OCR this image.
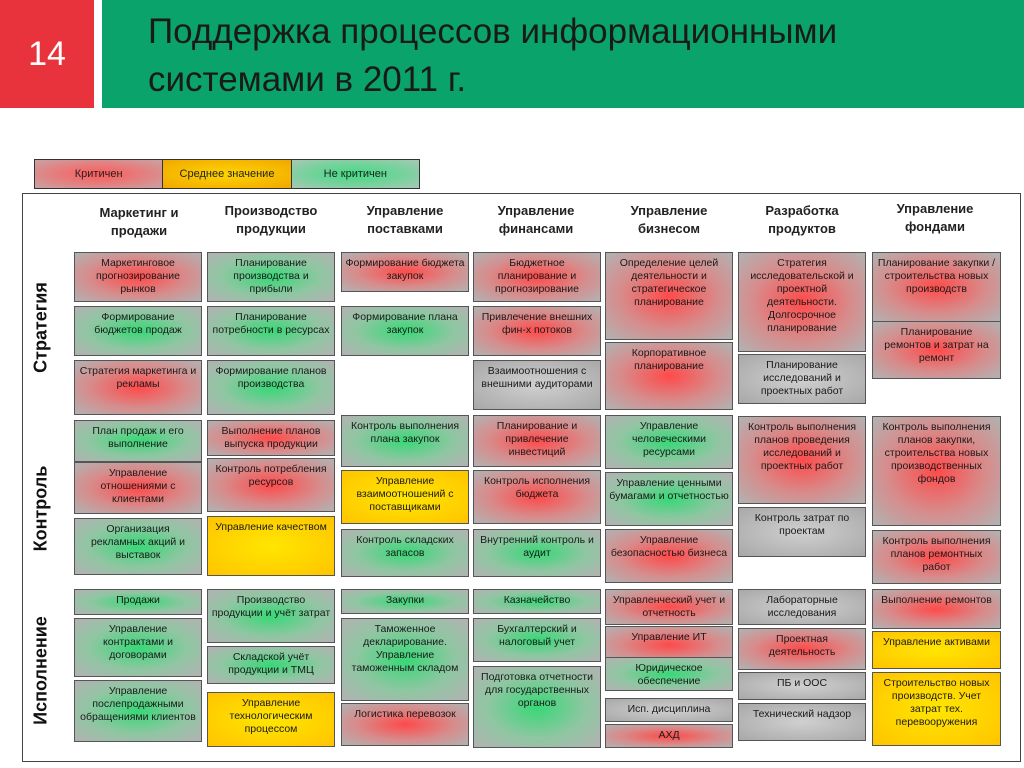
14
Поддержка процессов информационными системами в 2011 г.
Критичен	Среднее значение	Не критичен
Маркетинг и продажи
Производство продукции
Управление поставками
Управление финансами
Управление бизнесом
Разработка продуктов
Управление фондами
Стратегия
Контроль
Исполнение
Маркетинговое прогнозирование рынков
Формирование бюджетов продаж
Стратегия маркетинга и рекламы
План продаж и его выполнение
Управление отношениями с клиентами
Организация рекламных акций и выставок
Продажи
Управление контрактами и договорами
Управление послепродажными обращениями клиентов
Планирование производства и прибыли
Планирование потребности в ресурсах
Формирование планов производства
Выполнение планов выпуска продукции
Контроль потребления ресурсов
Управление качеством
Производство продукции и учёт затрат
Складской учёт продукции и ТМЦ
Управление технологическим процессом
Формирование бюджета закупок
Формирование плана закупок
Контроль выполнения плана закупок
Управление взаимоотношений с поставщиками
Контроль складских запасов
Закупки
Таможенное декларирование. Управление таможенным складом
Логистика перевозок
Бюджетное планирование и прогнозирование
Привлечение внешних фин-х потоков
Взаимоотношения с внешними аудиторами
Планирование и привлечение инвестиций
Контроль исполнения бюджета
Внутренний контроль и аудит
Казначейство
Бухгалтерский и налоговый учет
Подготовка отчетности для государственных органов
Определение целей деятельности и стратегическое планирование
Корпоративное планирование
Управление человеческими ресурсами
Управление ценными бумагами и отчетностью
Управление безопасностью бизнеса
Управленческий учет и отчетность
Управление ИТ
Юридическое обеспечение
Исп. дисциплина
АХД
Стратегия исследовательской и проектной деятельности. Долгосрочное планирование
Планирование исследований и проектных работ
Контроль выполнения планов проведения исследований и проектных работ
Контроль затрат по проектам
Лабораторные исследования
Проектная деятельность
ПБ и ООС
Технический надзор
Планирование закупки / строительства новых производств
Планирование ремонтов и затрат на ремонт
Контроль выполнения планов закупки, строительства новых производственных фондов
Контроль выполнения планов ремонтных работ
Выполнение ремонтов
Управление активами
Строительство новых производств. Учет затрат тех. перевооружения
